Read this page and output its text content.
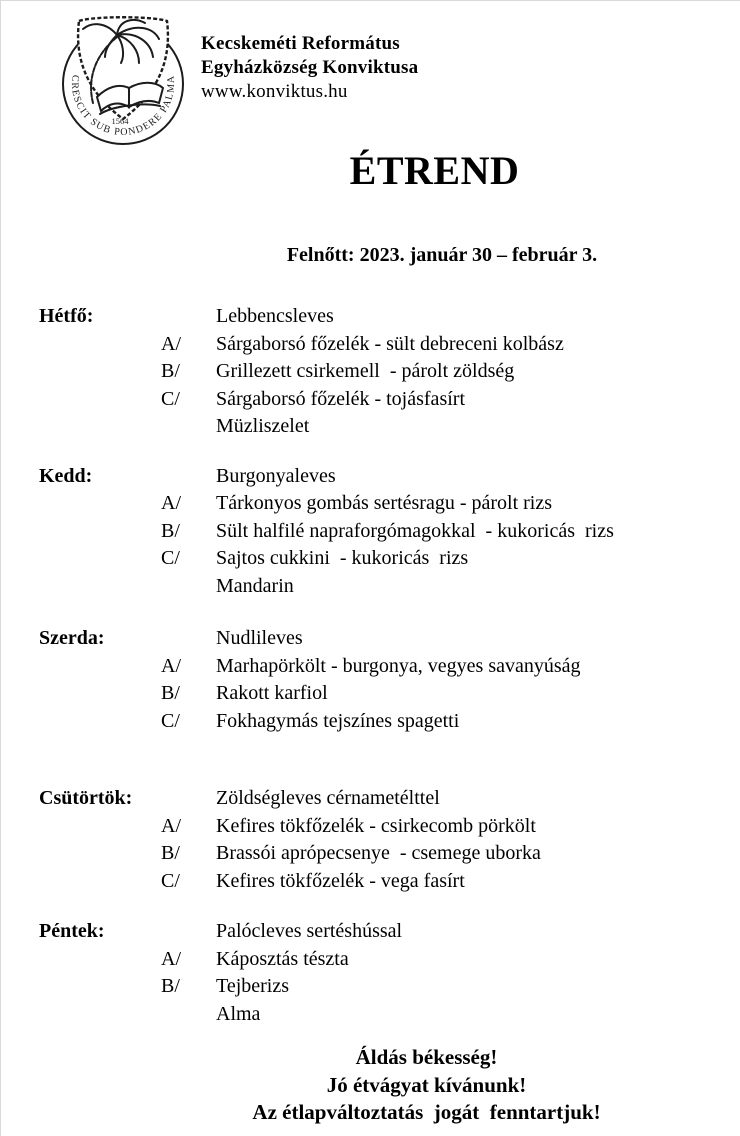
1564
CRESCIT SUB PONDERE PALMA
Kecskeméti Református
Egyházközség Konviktusa
www.konviktus.hu
ÉTREND
Felnőtt: 2023. január 30 – február 3.
Hétfő:	Lebbencsleves
A/	Sárgaborsó főzelék - sült debreceni kolbász
B/	Grillezett csirkemell  - párolt zöldség
C/	Sárgaborsó főzelék - tojásfasírt
Müzliszelet
Kedd:	Burgonyaleves
A/	Tárkonyos gombás sertésragu - párolt rizs
B/	Sült halfilé napraforgómagokkal  - kukoricás  rizs
C/	Sajtos cukkini  - kukoricás  rizs
Mandarin
Szerda:	Nudlileves
A/	Marhapörkölt - burgonya, vegyes savanyúság
B/	Rakott karfiol
C/	Fokhagymás tejszínes spagetti
Csütörtök:	Zöldségleves cérnametélttel
A/	Kefires tökfőzelék - csirkecomb pörkölt
B/	Brassói aprópecsenye  - csemege uborka
C/	Kefires tökfőzelék - vega fasírt
Péntek:	Palócleves sertéshússal
A/	Káposztás tészta
B/	Tejberizs
Alma
Áldás békesség!
Jó étvágyat kívánunk!
Az étlapváltoztatás  jogát  fenntartjuk!
